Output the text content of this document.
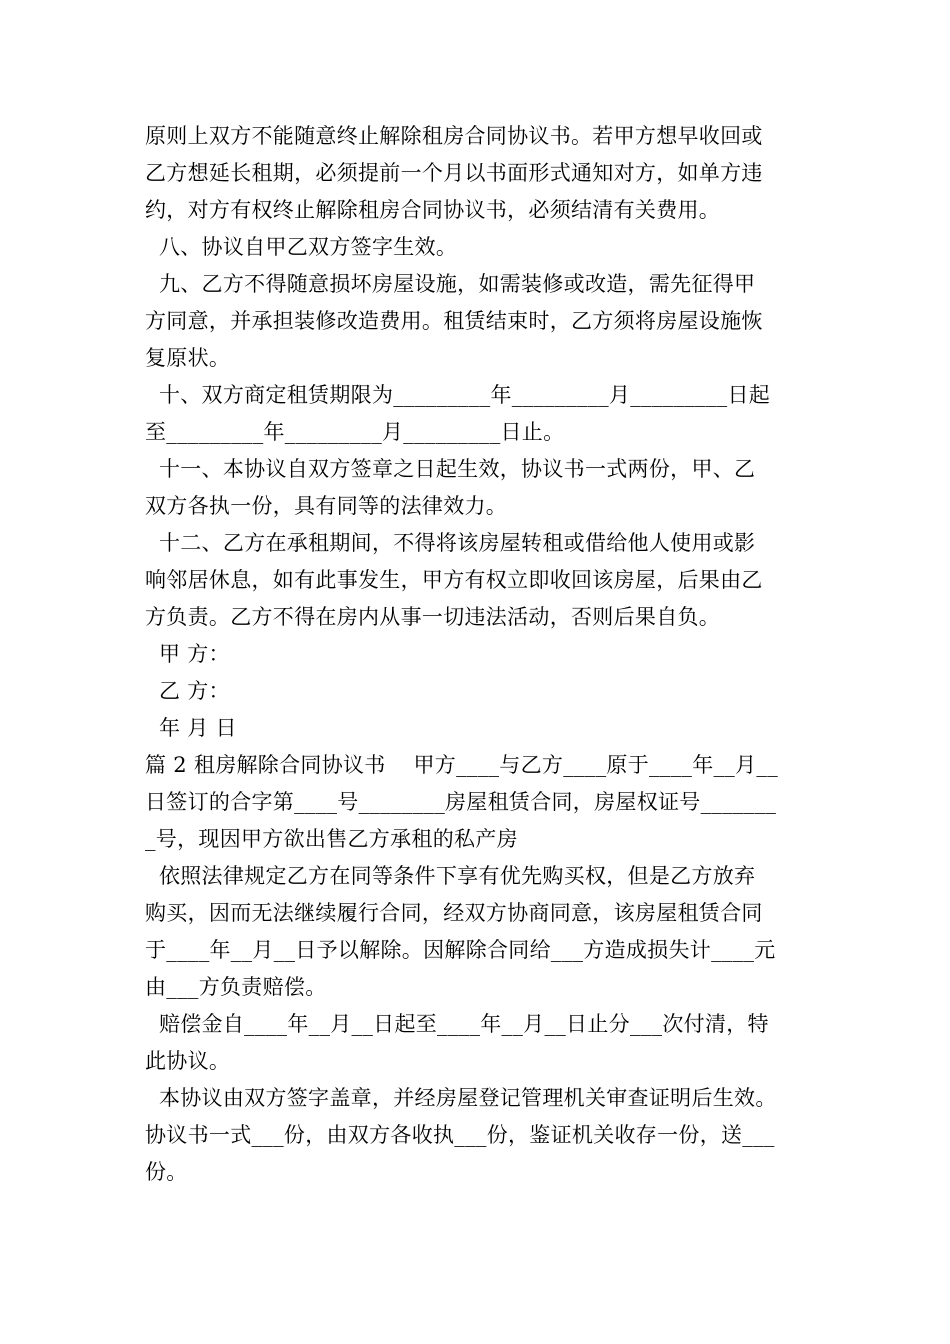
原则上双方不能随意终止解除租房合同协议书。若甲方想早收回或
乙方想延长租期，必须提前一个月以书面形式通知对方，如单方违
约，对方有权终止解除租房合同协议书，必须结清有关费用。
八、协议自甲乙双方签字生效。
九、乙方不得随意损坏房屋设施，如需装修或改造，需先征得甲
方同意，并承担装修改造费用。租赁结束时，乙方须将房屋设施恢
复原状。
十、双方商定租赁期限为_________年_________月_________日起
至_________年_________月_________日止。
十一、本协议自双方签章之日起生效，协议书一式两份，甲、乙
双方各执一份，具有同等的法律效力。
十二、乙方在承租期间，不得将该房屋转租或借给他人使用或影
响邻居休息，如有此事发生，甲方有权立即收回该房屋，后果由乙
方负责。乙方不得在房内从事一切违法活动，否则后果自负。
甲 方：
乙 方：
年 月 日
篇 2 租房解除合同协议书    甲方____与乙方____原于____年__月__
日签订的合字第____号________房屋租赁合同，房屋权证号_______
_号，现因甲方欲出售乙方承租的私产房
依照法律规定乙方在同等条件下享有优先购买权，但是乙方放弃
购买，因而无法继续履行合同，经双方协商同意，该房屋租赁合同
于____年__月__日予以解除。因解除合同给___方造成损失计____元
由___方负责赔偿。
赔偿金自____年__月__日起至____年__月__日止分___次付清，特
此协议。
本协议由双方签字盖章，并经房屋登记管理机关审查证明后生效。
协议书一式___份，由双方各收执___份，鉴证机关收存一份，送___
份。
